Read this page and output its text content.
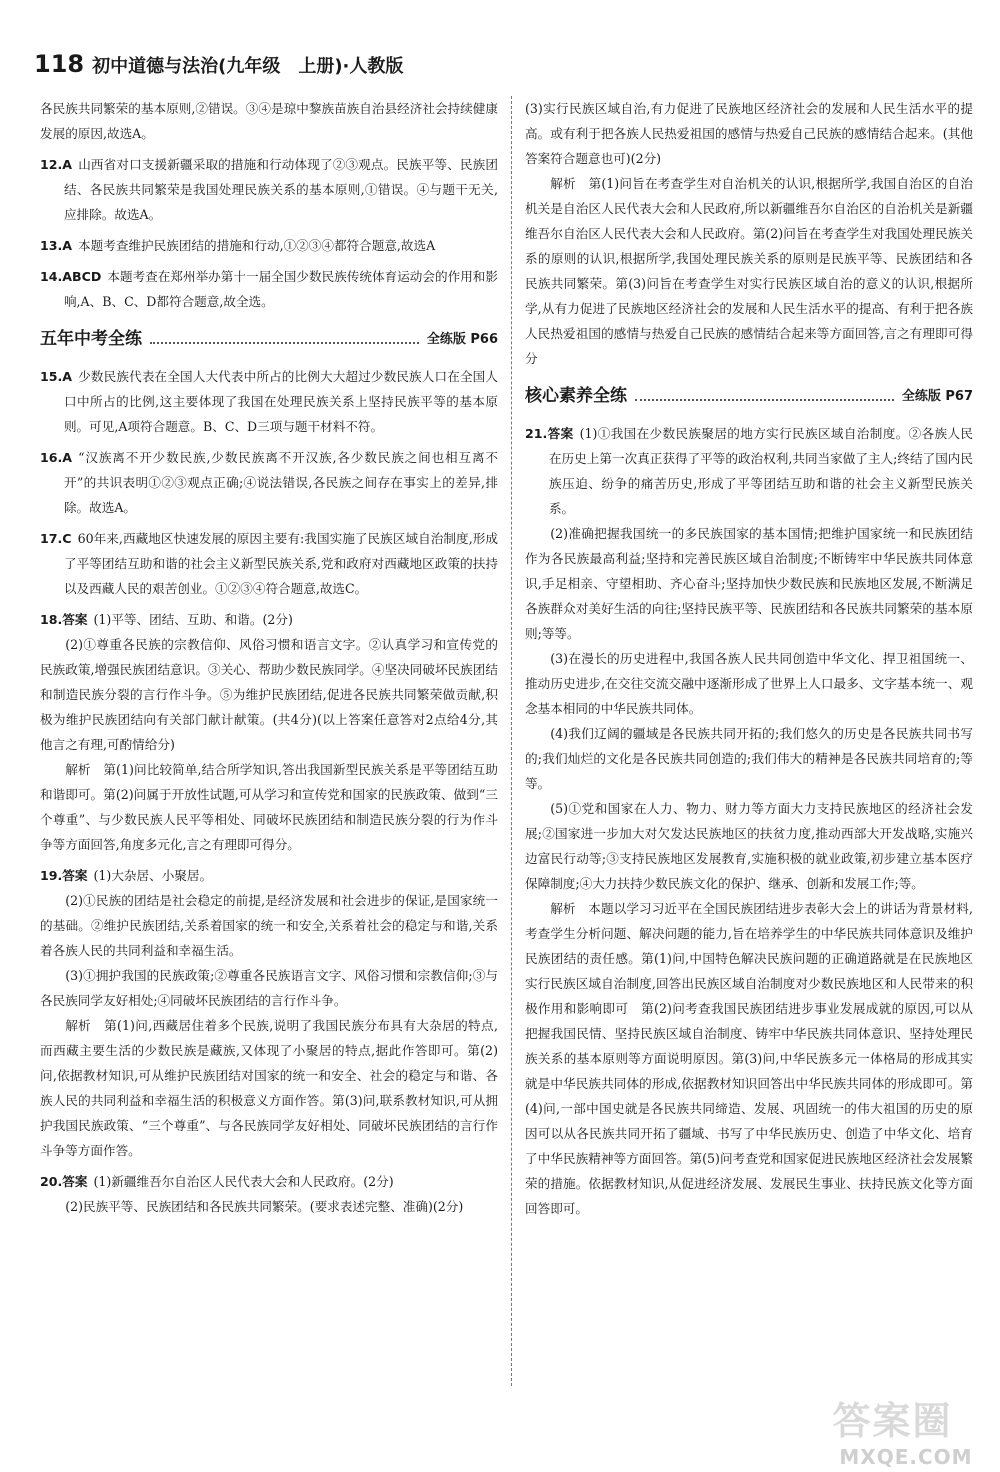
118 初中道德与法治(九年级　上册)·人教版

各民族共同繁荣的基本原则,②错误。③④是琼中黎族苗族自治县经济社会持续健康发展的原因,故选A。

12.A 山西省对口支援新疆采取的措施和行动体现了②③观点。民族平等、民族团结、各民族共同繁荣是我国处理民族关系的基本原则,①错误。④与题干无关,应排除。故选A。

13.A 本题考查维护民族团结的措施和行动,①②③④都符合题意,故选A

14.ABCD 本题考查在郑州举办第十一届全国少数民族传统体育运动会的作用和影响,A、B、C、D都符合题意,故全选。

五年中考全练	全练版 P66

15.A 少数民族代表在全国人大代表中所占的比例大大超过少数民族人口在全国人口中所占的比例,这主要体现了我国在处理民族关系上坚持民族平等的基本原则。可见,A项符合题意。B、C、D三项与题干材料不符。

16.A “汉族离不开少数民族,少数民族离不开汉族,各少数民族之间也相互离不开”的共识表明①②③观点正确;④说法错误,各民族之间存在事实上的差异,排除。故选A。

17.C 60年来,西藏地区快速发展的原因主要有:我国实施了民族区域自治制度,形成了平等团结互助和谐的社会主义新型民族关系,党和政府对西藏地区政策的扶持以及西藏人民的艰苦创业。①②③④符合题意,故选C。

18.答案 (1)平等、团结、互助、和谐。(2分)

(2)①尊重各民族的宗教信仰、风俗习惯和语言文字。②认真学习和宣传党的民族政策,增强民族团结意识。③关心、帮助少数民族同学。④坚决同破坏民族团结和制造民族分裂的言行作斗争。⑤为维护民族团结,促进各民族共同繁荣做贡献,积极为维护民族团结向有关部门献计献策。(共4分)(以上答案任意答对2点给4分,其他言之有理,可酌情给分)

解析　第(1)问比较简单,结合所学知识,答出我国新型民族关系是平等团结互助和谐即可。第(2)问属于开放性试题,可从学习和宣传党和国家的民族政策、做到“三个尊重”、与少数民族人民平等相处、同破坏民族团结和制造民族分裂的行为作斗争等方面回答,角度多元化,言之有理即可得分。

19.答案 (1)大杂居、小聚居。

(2)①民族的团结是社会稳定的前提,是经济发展和社会进步的保证,是国家统一的基础。②维护民族团结,关系着国家的统一和安全,关系着社会的稳定与和谐,关系着各族人民的共同利益和幸福生活。

(3)①拥护我国的民族政策;②尊重各民族语言文字、风俗习惯和宗教信仰;③与各民族同学友好相处;④同破坏民族团结的言行作斗争。

解析　第(1)问,西藏居住着多个民族,说明了我国民族分布具有大杂居的特点,而西藏主要生活的少数民族是藏族,又体现了小聚居的特点,据此作答即可。第(2)问,依据教材知识,可从维护民族团结对国家的统一和安全、社会的稳定与和谐、各族人民的共同利益和幸福生活的积极意义方面作答。第(3)问,联系教材知识,可从拥护我国民族政策、“三个尊重”、与各民族同学友好相处、同破坏民族团结的言行作斗争等方面作答。

20.答案 (1)新疆维吾尔自治区人民代表大会和人民政府。(2分)

(2)民族平等、民族团结和各民族共同繁荣。(要求表述完整、准确)(2分)

(3)实行民族区域自治,有力促进了民族地区经济社会的发展和人民生活水平的提高。或有利于把各族人民热爱祖国的感情与热爱自己民族的感情结合起来。(其他答案符合题意也可)(2分)

解析　第(1)问旨在考查学生对自治机关的认识,根据所学,我国自治区的自治机关是自治区人民代表大会和人民政府,所以新疆维吾尔自治区的自治机关是新疆维吾尔自治区人民代表大会和人民政府。第(2)问旨在考查学生对我国处理民族关系的原则的认识,根据所学,我国处理民族关系的原则是民族平等、民族团结和各民族共同繁荣。第(3)问旨在考查学生对实行民族区域自治的意义的认识,根据所学,从有力促进了民族地区经济社会的发展和人民生活水平的提高、有利于把各族人民热爱祖国的感情与热爱自己民族的感情结合起来等方面回答,言之有理即可得分

核心素养全练	全练版 P67

21.答案 (1)①我国在少数民族聚居的地方实行民族区域自治制度。②各族人民在历史上第一次真正获得了平等的政治权利,共同当家做了主人;终结了国内民族压迫、纷争的痛苦历史,形成了平等团结互助和谐的社会主义新型民族关系。

(2)准确把握我国统一的多民族国家的基本国情;把维护国家统一和民族团结作为各民族最高利益;坚持和完善民族区域自治制度;不断铸牢中华民族共同体意识,手足相亲、守望相助、齐心奋斗;坚持加快少数民族和民族地区发展,不断满足各族群众对美好生活的向往;坚持民族平等、民族团结和各民族共同繁荣的基本原则;等等。

(3)在漫长的历史进程中,我国各族人民共同创造中华文化、捍卫祖国统一、推动历史进步,在交往交流交融中逐渐形成了世界上人口最多、文字基本统一、观念基本相同的中华民族共同体。

(4)我们辽阔的疆域是各民族共同开拓的;我们悠久的历史是各民族共同书写的;我们灿烂的文化是各民族共同创造的;我们伟大的精神是各民族共同培育的;等等。

(5)①党和国家在人力、物力、财力等方面大力支持民族地区的经济社会发展;②国家进一步加大对欠发达民族地区的扶贫力度,推动西部大开发战略,实施兴边富民行动等;③支持民族地区发展教育,实施积极的就业政策,初步建立基本医疗保障制度;④大力扶持少数民族文化的保护、继承、创新和发展工作;等。

解析　本题以学习习近平在全国民族团结进步表彰大会上的讲话为背景材料,考查学生分析问题、解决问题的能力,旨在培养学生的中华民族共同体意识及维护民族团结的责任感。第(1)问,中国特色解决民族问题的正确道路就是在民族地区实行民族区域自治制度,回答出民族区域自治制度对少数民族地区和人民带来的积极作用和影响即可　第(2)问考查我国民族团结进步事业发展成就的原因,可以从把握我国民情、坚持民族区域自治制度、铸牢中华民族共同体意识、坚持处理民族关系的基本原则等方面说明原因。第(3)问,中华民族多元一体格局的形成其实就是中华民族共同体的形成,依据教材知识回答出中华民族共同体的形成即可。第(4)问,一部中国史就是各民族共同缔造、发展、巩固统一的伟大祖国的历史的原因可以从各民族共同开拓了疆域、书写了中华民族历史、创造了中华文化、培育了中华民族精神等方面回答。第(5)问考查党和国家促进民族地区经济社会发展繁荣的措施。依据教材知识,从促进经济发展、发展民生事业、扶持民族文化等方面回答即可。

答案圈
MXQE.COM
